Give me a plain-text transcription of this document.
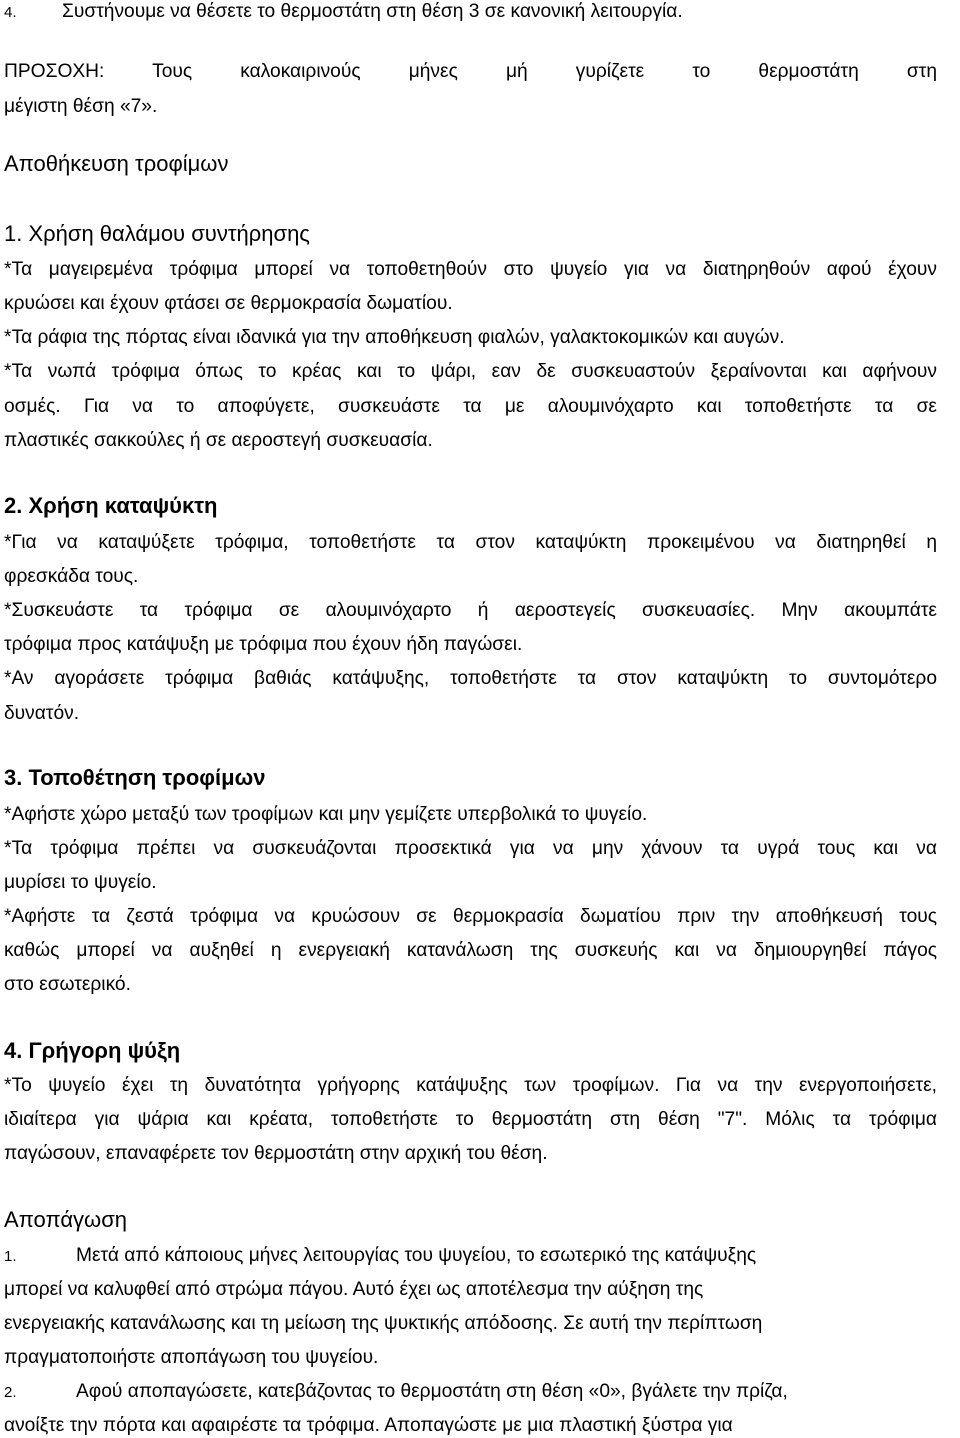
4. Συστήνουμε να θέσετε το θερμοστάτη στη θέση 3 σε κανονική λειτουργία.
ΠΡΟΣΟΧΗ: Τους καλοκαιρινούς μήνες μή γυρίζετε το θερμοστάτη στη
μέγιστη θέση «7».
Αποθήκευση τροφίμων
1. Χρήση θαλάμου συντήρησης
*Τα μαγειρεμένα τρόφιμα μπορεί να τοποθετηθούν στο ψυγείο για να διατηρηθούν αφού έχουν
κρυώσει και έχουν φτάσει σε θερμοκρασία δωματίου.
*Τα ράφια της πόρτας είναι ιδανικά για την αποθήκευση φιαλών, γαλακτοκομικών και αυγών.
*Τα νωπά τρόφιμα όπως το κρέας και το ψάρι, εαν δε συσκευαστούν ξεραίνονται και αφήνουν
οσμές. Για να το αποφύγετε, συσκευάστε τα με αλουμινόχαρτο και τοποθετήστε τα σε
πλαστικές σακκούλες ή σε αεροστεγή συσκευασία.
2. Χρήση καταψύκτη
*Για να καταψύξετε τρόφιμα, τοποθετήστε τα στον καταψύκτη προκειμένου να διατηρηθεί η
φρεσκάδα τους.
*Συσκευάστε τα τρόφιμα σε αλουμινόχαρτο ή αεροστεγείς συσκευασίες. Μην ακουμπάτε
τρόφιμα προς κατάψυξη με τρόφιμα που έχουν ήδη παγώσει.
*Αν αγοράσετε τρόφιμα βαθιάς κατάψυξης, τοποθετήστε τα στον καταψύκτη το συντομότερο
δυνατόν.
3. Τοποθέτηση τροφίμων
*Αφήστε χώρο μεταξύ των τροφίμων και μην γεμίζετε υπερβολικά το ψυγείο.
*Τα τρόφιμα πρέπει να συσκευάζονται προσεκτικά για να μην χάνουν τα υγρά τους και να
μυρίσει το ψυγείο.
*Αφήστε τα ζεστά τρόφιμα να κρυώσουν σε θερμοκρασία δωματίου πριν την αποθήκευσή τους
καθώς μπορεί να αυξηθεί η ενεργειακή κατανάλωση της συσκευής και να δημιουργηθεί πάγος
στο εσωτερικό.
4. Γρήγορη ψύξη
*Το ψυγείο έχει τη δυνατότητα γρήγορης κατάψυξης των τροφίμων. Για να την ενεργοποιήσετε,
ιδιαίτερα για ψάρια και κρέατα, τοποθετήστε το θερμοστάτη στη θέση "7". Μόλις τα τρόφιμα
παγώσουν, επαναφέρετε τον θερμοστάτη στην αρχική του θέση.
Αποπάγωση
1.	Μετά από κάποιους μήνες λειτουργίας του ψυγείου, το εσωτερικό της κατάψυξης
μπορεί να καλυφθεί από στρώμα πάγου. Αυτό έχει ως αποτέλεσμα την αύξηση της
ενεργειακής κατανάλωσης και τη μείωση της ψυκτικής απόδοσης. Σε αυτή την περίπτωση
πραγματοποιήστε αποπάγωση του ψυγείου.
2.	Αφού αποπαγώσετε, κατεβάζοντας το θερμοστάτη στη θέση «0», βγάλετε την πρίζα,
ανοίξτε την πόρτα και αφαιρέστε τα τρόφιμα. Αποπαγώστε με μια πλαστική ξύστρα για
